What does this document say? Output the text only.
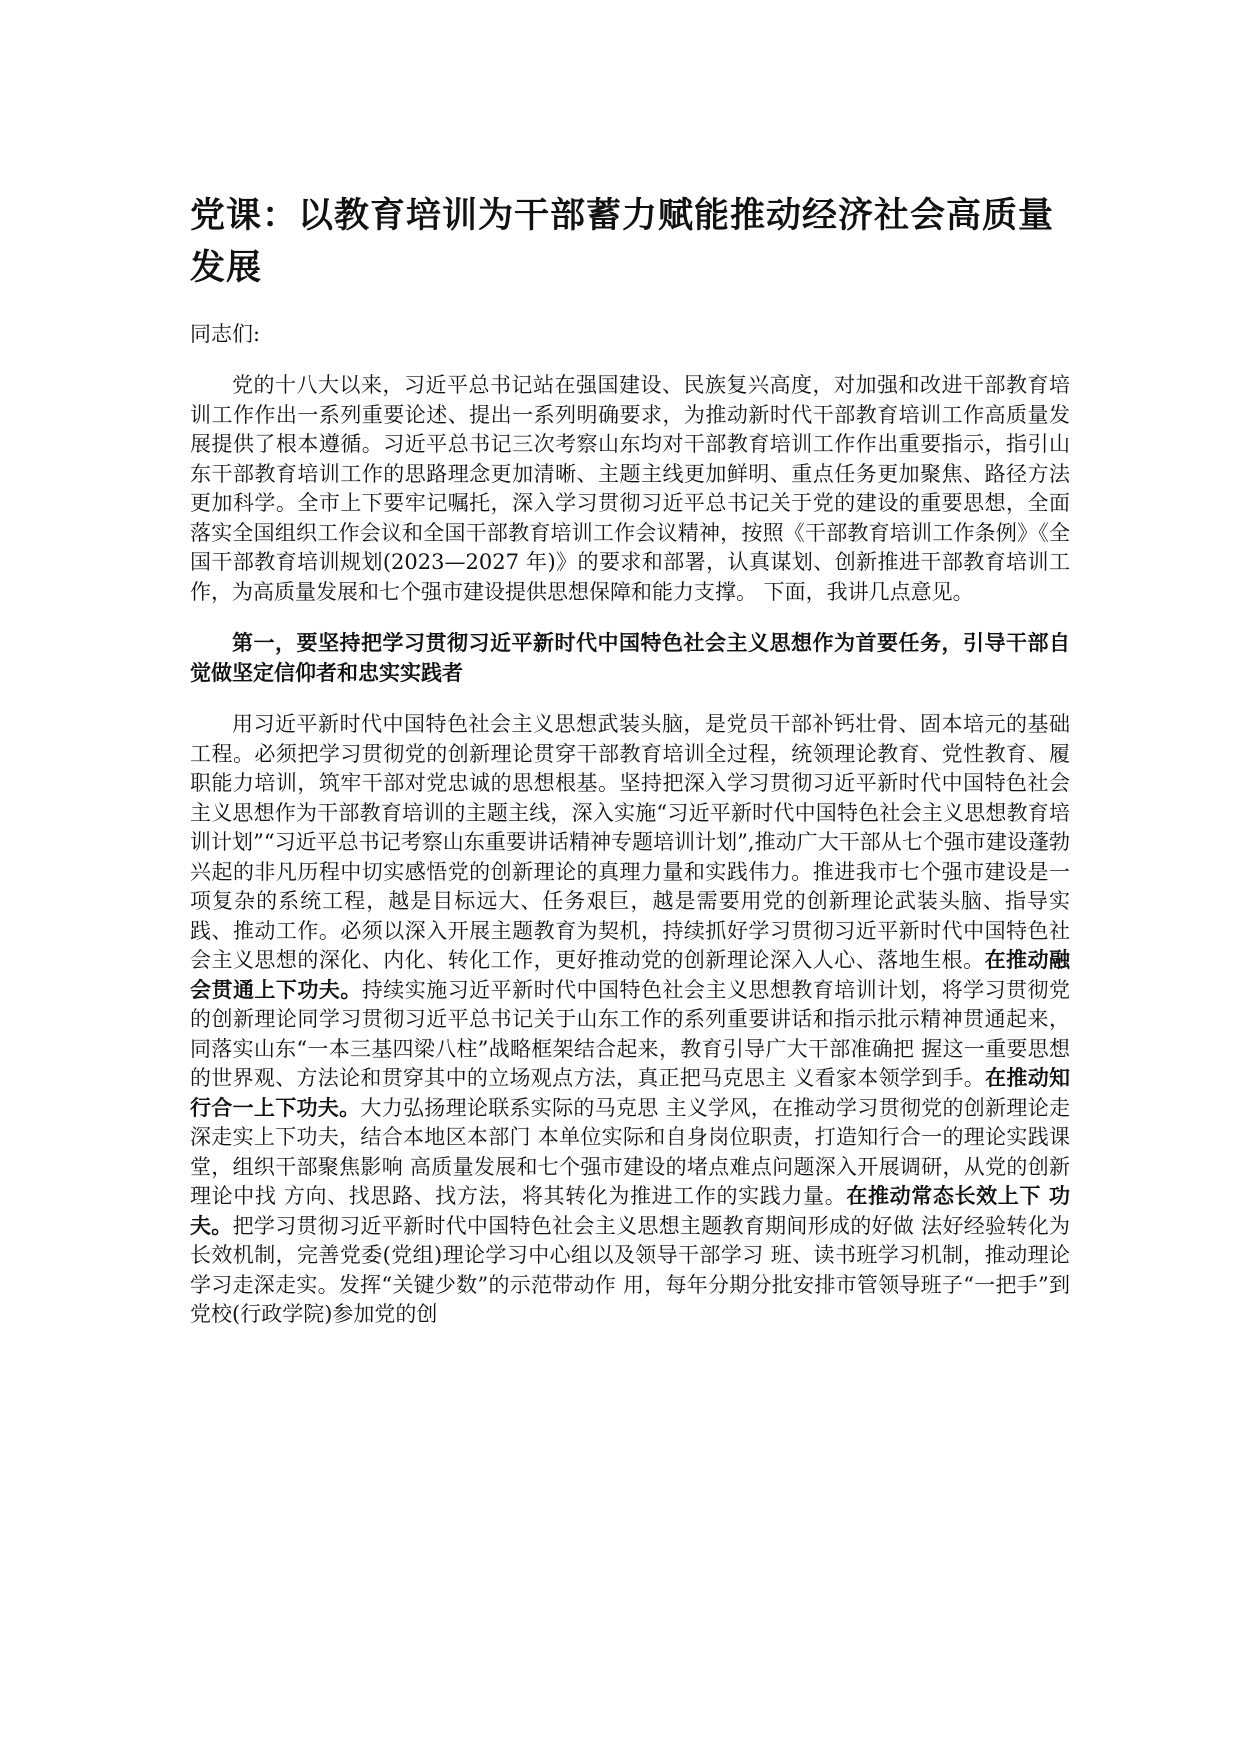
党课：以教育培训为干部蓄力赋能推动经济社会高质量发展

同志们:

党的十八大以来，习近平总书记站在强国建设、民族复兴高度，对加强和改进干部教育培训工作作出一系列重要论述、提出一系列明确要求，为推动新时代干部教育培训工作高质量发展提供了根本遵循。习近平总书记三次考察山东均对干部教育培训工作作出重要指示，指引山东干部教育培训工作的思路理念更加清晰、主题主线更加鲜明、重点任务更加聚焦、路径方法更加科学。全市上下要牢记嘱托，深入学习贯彻习近平总书记关于党的建设的重要思想，全面落实全国组织工作会议和全国干部教育培训工作会议精神，按照《干部教育培训工作条例》《全国干部教育培训规划(2023—2027 年)》的要求和部署，认真谋划、创新推进干部教育培训工作，为高质量发展和七个强市建设提供思想保障和能力支撑。 下面，我讲几点意见。

第一，要坚持把学习贯彻习近平新时代中国特色社会主义思想作为首要任务，引导干部自觉做坚定信仰者和忠实实践者

用习近平新时代中国特色社会主义思想武装头脑，是党员干部补钙壮骨、固本培元的基础工程。必须把学习贯彻党的创新理论贯穿干部教育培训全过程，统领理论教育、党性教育、履职能力培训，筑牢干部对党忠诚的思想根基。坚持把深入学习贯彻习近平新时代中国特色社会主义思想作为干部教育培训的主题主线，深入实施“习近平新时代中国特色社会主义思想教育培训计划”“习近平总书记考察山东重要讲话精神专题培训计划”,推动广大干部从七个强市建设蓬勃兴起的非凡历程中切实感悟党的创新理论的真理力量和实践伟力。推进我市七个强市建设是一项复杂的系统工程，越是目标远大、任务艰巨，越是需要用党的创新理论武装头脑、指导实践、推动工作。必须以深入开展主题教育为契机，持续抓好学习贯彻习近平新时代中国特色社会主义思想的深化、内化、转化工作，更好推动党的创新理论深入人心、落地生根。在推动融会贯通上下功夫。持续实施习近平新时代中国特色社会主义思想教育培训计划，将学习贯彻党的创新理论同学习贯彻习近平总书记关于山东工作的系列重要讲话和指示批示精神贯通起来， 同落实山东“一本三基四梁八柱”战略框架结合起来，教育引导广大干部准确把 握这一重要思想的世界观、方法论和贯穿其中的立场观点方法，真正把马克思主 义看家本领学到手。在推动知行合一上下功夫。大力弘扬理论联系实际的马克思 主义学风，在推动学习贯彻党的创新理论走深走实上下功夫，结合本地区本部门 本单位实际和自身岗位职责，打造知行合一的理论实践课堂，组织干部聚焦影响 高质量发展和七个强市建设的堵点难点问题深入开展调研，从党的创新理论中找 方向、找思路、找方法，将其转化为推进工作的实践力量。在推动常态长效上下 功夫。把学习贯彻习近平新时代中国特色社会主义思想主题教育期间形成的好做 法好经验转化为长效机制，完善党委(党组)理论学习中心组以及领导干部学习 班、读书班学习机制，推动理论学习走深走实。发挥“关键少数”的示范带动作 用，每年分期分批安排市管领导班子“一把手”到党校(行政学院)参加党的创
